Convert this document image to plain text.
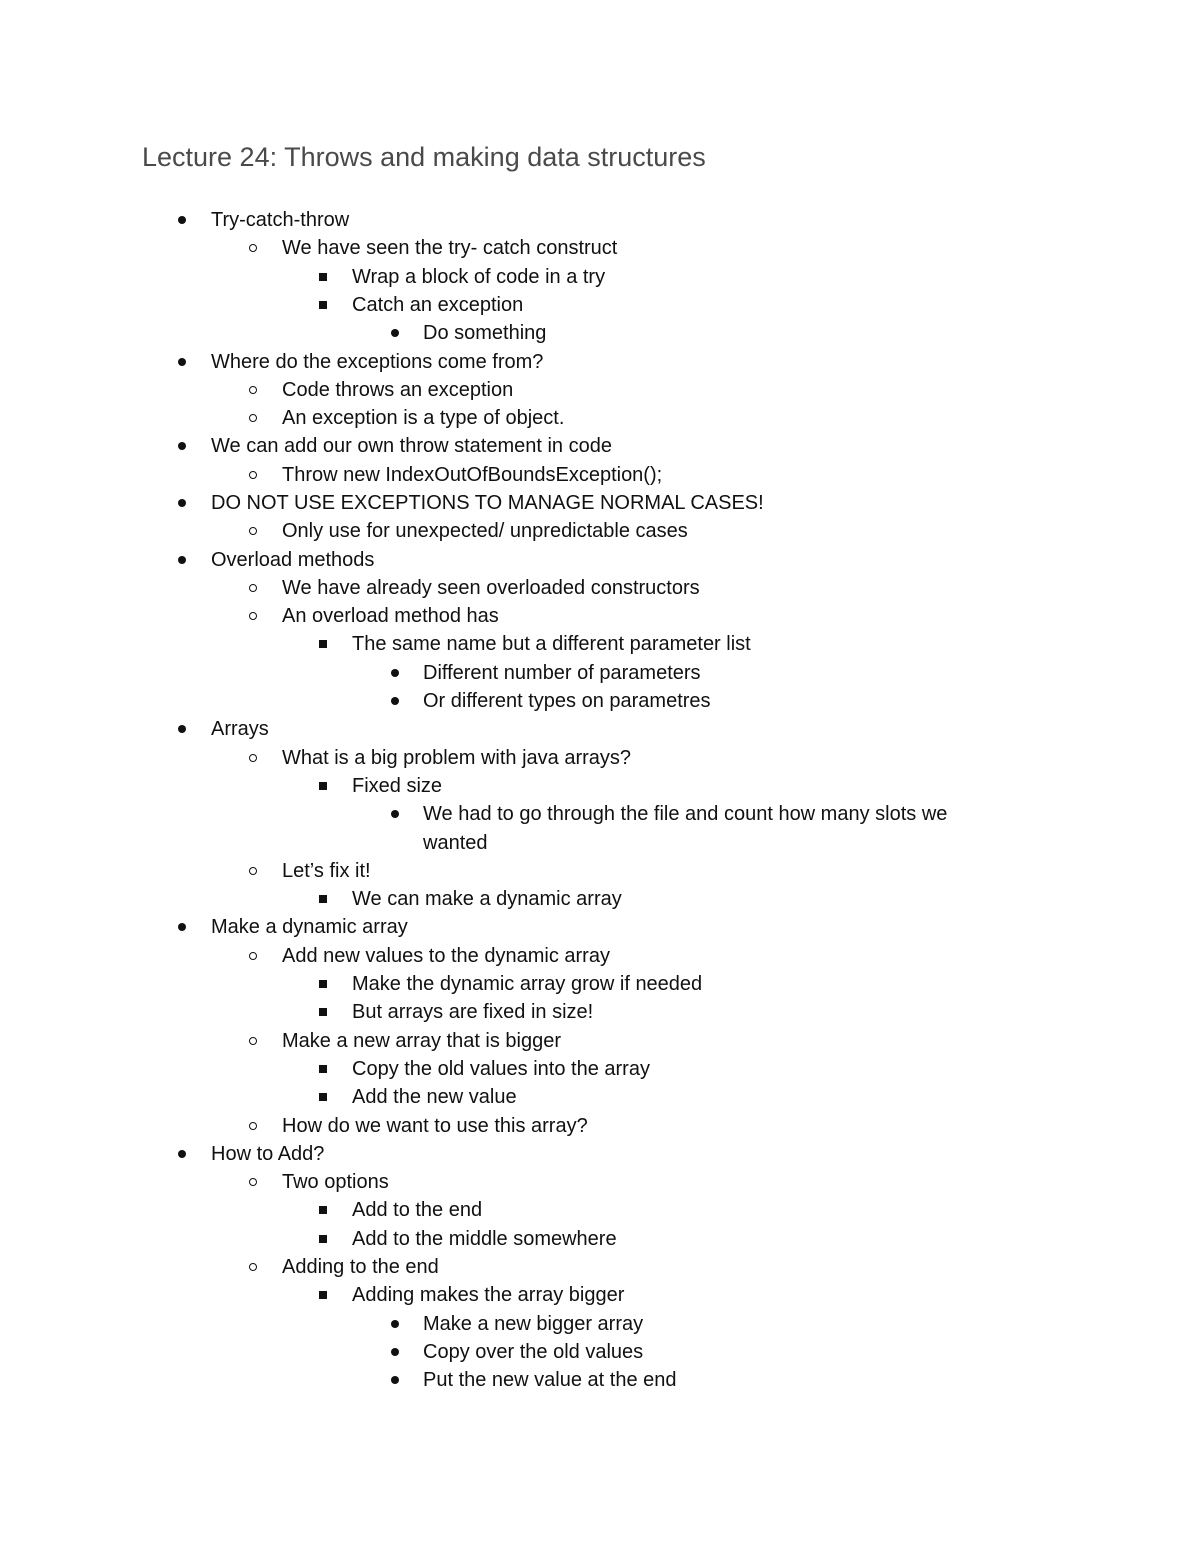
Lecture 24: Throws and making data structures
Try-catch-throw
We have seen the try- catch construct
Wrap a block of code in a try
Catch an exception
Do something
Where do the exceptions come from?
Code throws an exception
An exception is a type of object.
We can add our own throw statement in code
Throw new IndexOutOfBoundsException();
DO NOT USE EXCEPTIONS TO MANAGE NORMAL CASES!
Only use for unexpected/ unpredictable cases
Overload methods
We have already seen overloaded constructors
An overload method has
The same name but a different parameter list
Different number of parameters
Or different types on parametres
Arrays
What is a big problem with java arrays?
Fixed size
We had to go through the file and count how many slots we
wanted
Let’s fix it!
We can make a dynamic array
Make a dynamic array
Add new values to the dynamic array
Make the dynamic array grow if needed
But arrays are fixed in size!
Make a new array that is bigger
Copy the old values into the array
Add the new value
How do we want to use this array?
How to Add?
Two options
Add to the end
Add to the middle somewhere
Adding to the end
Adding makes the array bigger
Make a new bigger array
Copy over the old values
Put the new value at the end
